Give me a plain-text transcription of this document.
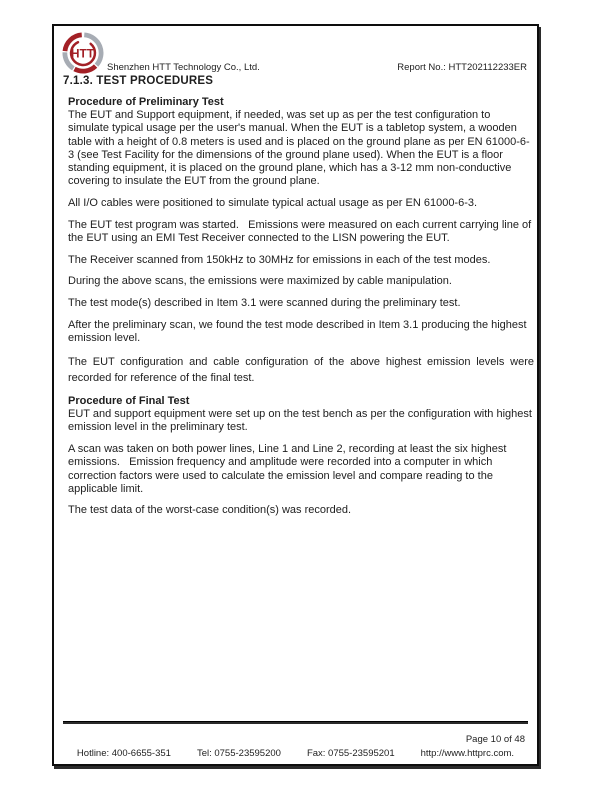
HTT
Shenzhen HTT Technology Co., Ltd.	Report No.: HTT202112233ER
7.1.3. TEST PROCEDURES

Procedure of Preliminary Test

The EUT and Support equipment, if needed, was set up as per the test configuration to simulate typical usage per the user's manual. When the EUT is a tabletop system, a wooden table with a height of 0.8 meters is used and is placed on the ground plane as per EN 61000-6-3 (see Test Facility for the dimensions of the ground plane used). When the EUT is a floor standing equipment, it is placed on the ground plane, which has a 3-12 mm non-conductive covering to insulate the EUT from the ground plane.

All I/O cables were positioned to simulate typical actual usage as per EN 61000-6-3.

The EUT test program was started.   Emissions were measured on each current carrying line of the EUT using an EMI Test Receiver connected to the LISN powering the EUT.

The Receiver scanned from 150kHz to 30MHz for emissions in each of the test modes.

During the above scans, the emissions were maximized by cable manipulation.

The test mode(s) described in Item 3.1 were scanned during the preliminary test.

After the preliminary scan, we found the test mode described in Item 3.1 producing the highest emission level.

The EUT configuration and cable configuration of the above highest emission levels were recorded for reference of the final test.

Procedure of Final Test

EUT and support equipment were set up on the test bench as per the configuration with highest emission level in the preliminary test.

A scan was taken on both power lines, Line 1 and Line 2, recording at least the six highest emissions.   Emission frequency and amplitude were recorded into a computer in which correction factors were used to calculate the emission level and compare reading to the applicable limit.

The test data of the worst-case condition(s) was recorded.

Page 10 of 48
Hotline: 400-6655-351	Tel: 0755-23595200	Fax: 0755-23595201	http://www.httprc.com.
